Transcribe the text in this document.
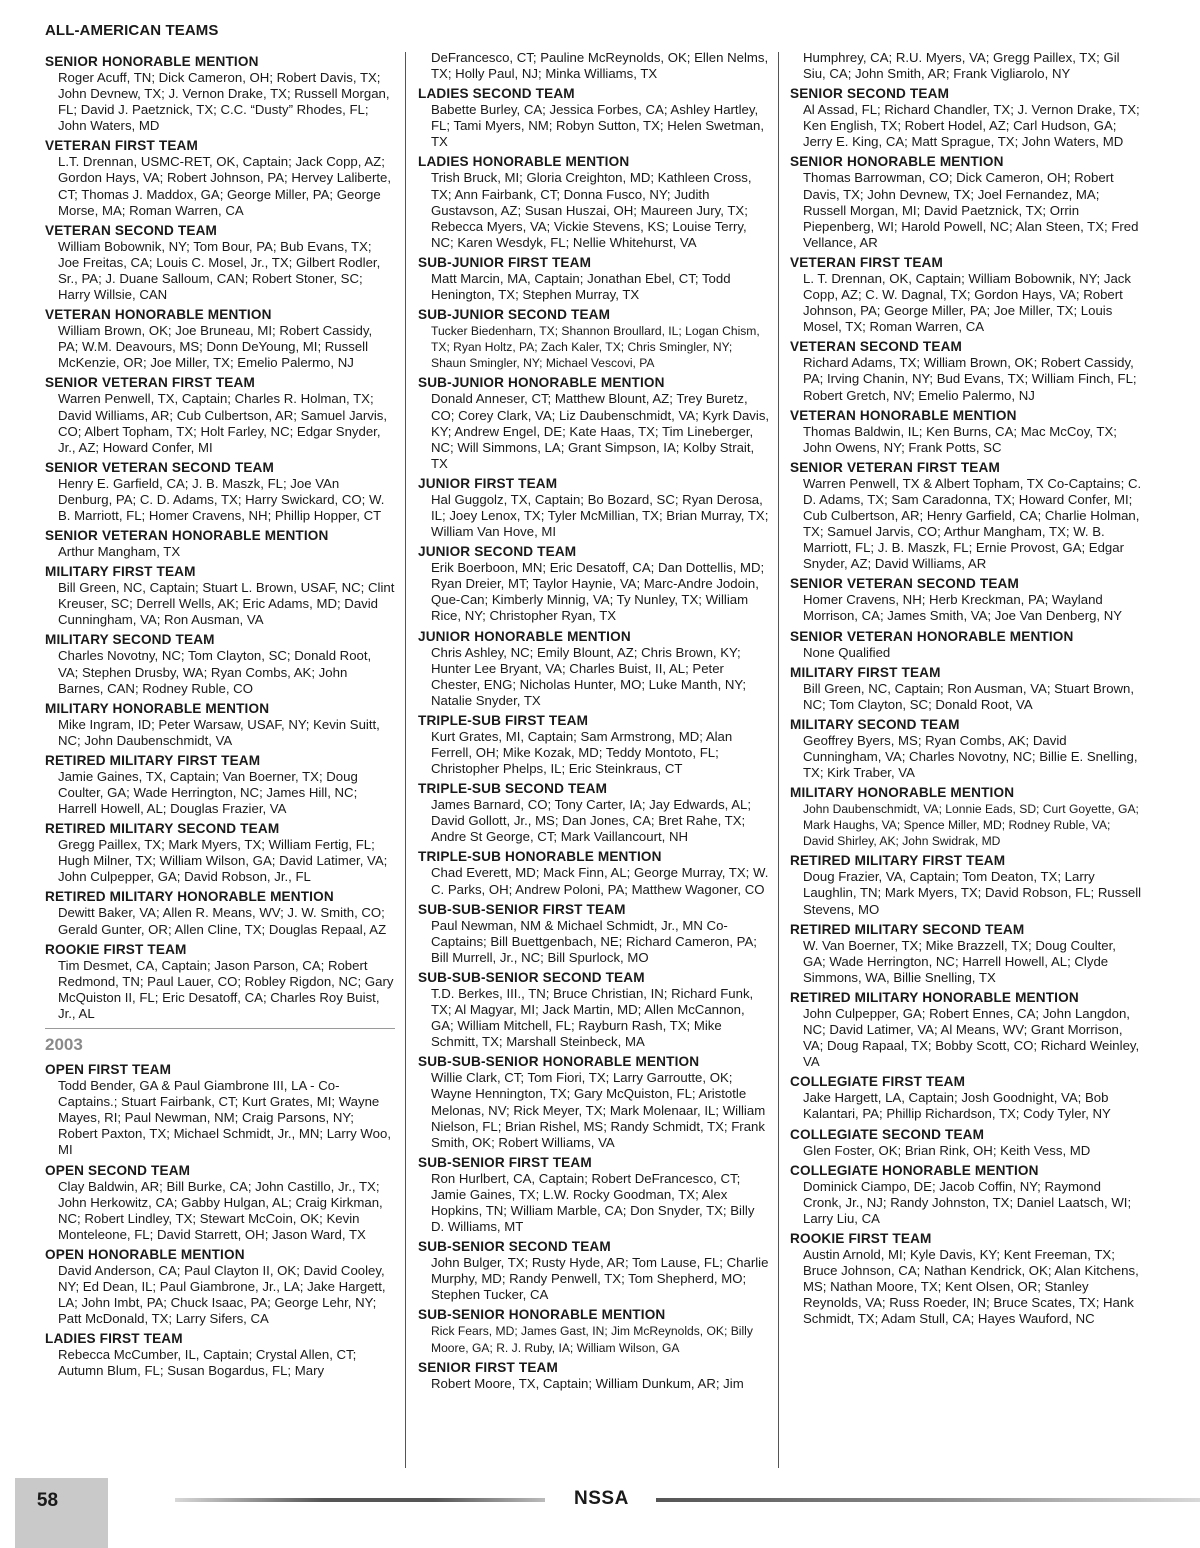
ALL-AMERICAN TEAMS
SENIOR HONORABLE MENTION
Roger Acuff, TN; Dick Cameron, OH; Robert Davis, TX; John Devnew, TX; J. Vernon Drake, TX; Russell Morgan, FL; David J. Paetznick, TX; C.C. “Dusty” Rhodes, FL; John Waters, MD
VETERAN FIRST TEAM
L.T. Drennan, USMC-RET, OK, Captain; Jack Copp, AZ; Gordon Hays, VA; Robert Johnson, PA; Hervey Laliberte, CT; Thomas J. Maddox, GA; George Miller, PA; George Morse, MA; Roman Warren, CA
VETERAN SECOND TEAM
William Bobownik, NY; Tom Bour, PA; Bub Evans, TX; Joe Freitas, CA; Louis C. Mosel, Jr., TX; Gilbert Rodler, Sr., PA; J. Duane Salloum, CAN; Robert Stoner, SC; Harry Willsie, CAN
VETERAN HONORABLE MENTION
William Brown, OK; Joe Bruneau, MI; Robert Cassidy, PA; W.M. Deavours, MS; Donn DeYoung, MI; Russell McKenzie, OR; Joe Miller, TX; Emelio Palermo, NJ
SENIOR VETERAN FIRST TEAM
Warren Penwell, TX, Captain; Charles R. Holman, TX; David Williams, AR; Cub Culbertson, AR; Samuel Jarvis, CO; Albert Topham, TX; Holt Farley, NC; Edgar Snyder, Jr., AZ; Howard Confer, MI
SENIOR VETERAN SECOND TEAM
Henry E. Garfield, CA; J. B. Maszk, FL; Joe VAn Denburg, PA; C. D. Adams, TX; Harry Swickard, CO; W. B. Marriott, FL; Homer Cravens, NH; Phillip Hopper, CT
SENIOR VETERAN HONORABLE MENTION
Arthur Mangham, TX
MILITARY FIRST TEAM
Bill Green, NC, Captain; Stuart L. Brown, USAF, NC; Clint Kreuser, SC; Derrell Wells, AK; Eric Adams, MD; David Cunningham, VA; Ron Ausman, VA
MILITARY SECOND TEAM
Charles Novotny, NC; Tom Clayton, SC; Donald Root, VA; Stephen Drusby, WA; Ryan Combs, AK; John Barnes, CAN; Rodney Ruble, CO
MILITARY HONORABLE MENTION
Mike Ingram, ID; Peter Warsaw, USAF, NY; Kevin Suitt, NC; John Daubenschmidt, VA
RETIRED MILITARY FIRST TEAM
Jamie Gaines, TX, Captain; Van Boerner, TX; Doug Coulter, GA; Wade Herrington, NC; James Hill, NC; Harrell Howell, AL; Douglas Frazier, VA
RETIRED MILITARY SECOND TEAM
Gregg Paillex, TX; Mark Myers, TX; William Fertig, FL; Hugh Milner, TX; William Wilson, GA; David Latimer, VA; John Culpepper, GA; David Robson, Jr., FL
RETIRED MILITARY HONORABLE MENTION
Dewitt Baker, VA; Allen R. Means, WV; J. W. Smith, CO; Gerald Gunter, OR; Allen Cline, TX; Douglas Repaal, AZ
ROOKIE FIRST TEAM
Tim Desmet, CA, Captain; Jason Parson, CA; Robert Redmond, TN; Paul Lauer, CO; Robley Rigdon, NC; Gary McQuiston II, FL; Eric Desatoff, CA; Charles Roy Buist, Jr., AL
2003
OPEN FIRST TEAM
Todd Bender, GA & Paul Giambrone III, LA - Co-Captains.; Stuart Fairbank, CT; Kurt Grates, MI; Wayne Mayes, RI; Paul Newman, NM; Craig Parsons, NY; Robert Paxton, TX; Michael Schmidt, Jr., MN; Larry Woo, MI
OPEN SECOND TEAM
Clay Baldwin, AR; Bill Burke, CA; John Castillo, Jr., TX; John Herkowitz, CA; Gabby Hulgan, AL; Craig Kirkman, NC; Robert Lindley, TX; Stewart McCoin, OK; Kevin Monteleone, FL; David Starrett, OH; Jason Ward, TX
OPEN HONORABLE MENTION
David Anderson, CA; Paul Clayton II, OK; David Cooley, NY; Ed Dean, IL; Paul Giambrone, Jr., LA; Jake Hargett, LA; John Imbt, PA; Chuck Isaac, PA; George Lehr, NY; Patt McDonald, TX; Larry Sifers, CA
LADIES FIRST TEAM
Rebecca McCumber, IL, Captain; Crystal Allen, CT; Autumn Blum, FL; Susan Bogardus, FL; Mary
DeFrancesco, CT; Pauline McReynolds, OK; Ellen Nelms, TX; Holly Paul, NJ; Minka Williams, TX
LADIES SECOND TEAM
Babette Burley, CA; Jessica Forbes, CA; Ashley Hartley, FL; Tami Myers, NM; Robyn Sutton, TX; Helen Swetman, TX
LADIES HONORABLE MENTION
Trish Bruck, MI; Gloria Creighton, MD; Kathleen Cross, TX; Ann Fairbank, CT; Donna Fusco, NY; Judith Gustavson, AZ; Susan Huszai, OH; Maureen Jury, TX; Rebecca Myers, VA; Vickie Stevens, KS; Louise Terry, NC; Karen Wesdyk, FL; Nellie Whitehurst, VA
SUB-JUNIOR FIRST TEAM
Matt Marcin, MA, Captain; Jonathan Ebel, CT; Todd Henington, TX; Stephen Murray, TX
SUB-JUNIOR SECOND TEAM
Tucker Biedenharn, TX; Shannon Broullard, IL; Logan Chism, TX; Ryan Holtz, PA; Zach Kaler, TX; Chris Smingler, NY; Shaun Smingler, NY; Michael Vescovi, PA
SUB-JUNIOR HONORABLE MENTION
Donald Anneser, CT; Matthew Blount, AZ; Trey Buretz, CO; Corey Clark, VA; Liz Daubenschmidt, VA; Kyrk Davis, KY; Andrew Engel, DE; Kate Haas, TX; Tim Lineberger, NC; Will Simmons, LA; Grant Simpson, IA; Kolby Strait, TX
JUNIOR FIRST TEAM
Hal Guggolz, TX, Captain; Bo Bozard, SC; Ryan Derosa, IL; Joey Lenox, TX; Tyler McMillian, TX; Brian Murray, TX; William Van Hove, MI
JUNIOR SECOND TEAM
Erik Boerboon, MN; Eric Desatoff, CA; Dan Dottellis, MD; Ryan Dreier, MT; Taylor Haynie, VA; Marc-Andre Jodoin, Que-Can; Kimberly Minnig, VA; Ty Nunley, TX; William Rice, NY; Christopher Ryan, TX
JUNIOR HONORABLE MENTION
Chris Ashley, NC; Emily Blount, AZ; Chris Brown, KY; Hunter Lee Bryant, VA; Charles Buist, II, AL; Peter Chester, ENG; Nicholas Hunter, MO; Luke Manth, NY; Natalie Snyder, TX
TRIPLE-SUB FIRST TEAM
Kurt Grates, MI, Captain; Sam Armstrong, MD; Alan Ferrell, OH; Mike Kozak, MD; Teddy Montoto, FL; Christopher Phelps, IL; Eric Steinkraus, CT
TRIPLE-SUB SECOND TEAM
James Barnard, CO; Tony Carter, IA; Jay Edwards, AL; David Gollott, Jr., MS; Dan Jones, CA; Bret Rahe, TX; Andre St George, CT; Mark Vaillancourt, NH
TRIPLE-SUB HONORABLE MENTION
Chad Everett, MD; Mack Finn, AL; George Murray, TX; W. C. Parks, OH; Andrew Poloni, PA; Matthew Wagoner, CO
SUB-SUB-SENIOR FIRST TEAM
Paul Newman, NM & Michael Schmidt, Jr., MN Co-Captains; Bill Buettgenbach, NE; Richard Cameron, PA; Bill Murrell, Jr., NC; Bill Spurlock, MO
SUB-SUB-SENIOR SECOND TEAM
T.D. Berkes, III., TN; Bruce Christian, IN; Richard Funk, TX; Al Magyar, MI; Jack Martin, MD; Allen McCannon, GA; William Mitchell, FL; Rayburn Rash, TX; Mike Schmitt, TX; Marshall Steinbeck, MA
SUB-SUB-SENIOR HONORABLE MENTION
Willie Clark, CT; Tom Fiori, TX; Larry Garroutte, OK; Wayne Hennington, TX; Gary McQuiston, FL; Aristotle Melonas, NV; Rick Meyer, TX; Mark Molenaar, IL; William Nielson, FL; Brian Rishel, MS; Randy Schmidt, TX; Frank Smith, OK; Robert Williams, VA
SUB-SENIOR FIRST TEAM
Ron Hurlbert, CA, Captain; Robert DeFrancesco, CT; Jamie Gaines, TX; L.W. Rocky Goodman, TX; Alex Hopkins, TN; William Marble, CA; Don Snyder, TX; Billy D. Williams, MT
SUB-SENIOR SECOND TEAM
John Bulger, TX; Rusty Hyde, AR; Tom Lause, FL; Charlie Murphy, MD; Randy Penwell, TX; Tom Shepherd, MO; Stephen Tucker, CA
SUB-SENIOR HONORABLE MENTION
Rick Fears, MD; James Gast, IN; Jim McReynolds, OK; Billy Moore, GA; R. J. Ruby, IA; William Wilson, GA
SENIOR FIRST TEAM
Robert Moore, TX, Captain; William Dunkum, AR; Jim
Humphrey, CA; R.U. Myers, VA; Gregg Paillex, TX; Gil Siu, CA; John Smith, AR; Frank Vigliarolo, NY
SENIOR SECOND TEAM
Al Assad, FL; Richard Chandler, TX; J. Vernon Drake, TX; Ken English, TX; Robert Hodel, AZ; Carl Hudson, GA; Jerry E. King, CA; Matt Sprague, TX; John Waters, MD
SENIOR HONORABLE MENTION
Thomas Barrowman, CO; Dick Cameron, OH; Robert Davis, TX; John Devnew, TX; Joel Fernandez, MA; Russell Morgan, MI; David Paetznick, TX; Orrin Piepenberg, WI; Harold Powell, NC; Alan Steen, TX; Fred Vellance, AR
VETERAN FIRST TEAM
L. T. Drennan, OK, Captain; William Bobownik, NY; Jack Copp, AZ; C. W. Dagnal, TX; Gordon Hays, VA; Robert Johnson, PA; George Miller, PA; Joe Miller, TX; Louis Mosel, TX; Roman Warren, CA
VETERAN SECOND TEAM
Richard Adams, TX; William Brown, OK; Robert Cassidy, PA; Irving Chanin, NY; Bud Evans, TX; William Finch, FL; Robert Gretch, NV; Emelio Palermo, NJ
VETERAN HONORABLE MENTION
Thomas Baldwin, IL; Ken Burns, CA; Mac McCoy, TX; John Owens, NY; Frank Potts, SC
SENIOR VETERAN FIRST TEAM
Warren Penwell, TX & Albert Topham, TX Co-Captains; C. D. Adams, TX; Sam Caradonna, TX; Howard Confer, MI; Cub Culbertson, AR; Henry Garfield, CA; Charlie Holman, TX; Samuel Jarvis, CO; Arthur Mangham, TX; W. B. Marriott, FL; J. B. Maszk, FL; Ernie Provost, GA; Edgar Snyder, AZ; David Williams, AR
SENIOR VETERAN SECOND TEAM
Homer Cravens, NH; Herb Kreckman, PA; Wayland Morrison, CA; James Smith, VA; Joe Van Denberg, NY
SENIOR VETERAN HONORABLE MENTION
None Qualified
MILITARY FIRST TEAM
Bill Green, NC, Captain; Ron Ausman, VA; Stuart Brown, NC; Tom Clayton, SC; Donald Root, VA
MILITARY SECOND TEAM
Geoffrey Byers, MS; Ryan Combs, AK; David Cunningham, VA; Charles Novotny, NC; Billie E. Snelling, TX; Kirk Traber, VA
MILITARY HONORABLE MENTION
John Daubenschmidt, VA; Lonnie Eads, SD; Curt Goyette, GA; Mark Haughs, VA; Spence Miller, MD; Rodney Ruble, VA; David Shirley, AK; John Swidrak, MD
RETIRED MILITARY FIRST TEAM
Doug Frazier, VA, Captain; Tom Deaton, TX; Larry Laughlin, TN; Mark Myers, TX; David Robson, FL; Russell Stevens, MO
RETIRED MILITARY SECOND TEAM
W. Van Boerner, TX; Mike Brazzell, TX; Doug Coulter, GA; Wade Herrington, NC; Harrell Howell, AL; Clyde Simmons, WA, Billie Snelling, TX
RETIRED MILITARY HONORABLE MENTION
John Culpepper, GA; Robert Ennes, CA; John Langdon, NC; David Latimer, VA; Al Means, WV; Grant Morrison, VA; Doug Rapaal, TX; Bobby Scott, CO; Richard Weinley, VA
COLLEGIATE FIRST TEAM
Jake Hargett, LA, Captain; Josh Goodnight, VA; Bob Kalantari, PA; Phillip Richardson, TX; Cody Tyler, NY
COLLEGIATE SECOND TEAM
Glen Foster, OK; Brian Rink, OH; Keith Vess, MD
COLLEGIATE HONORABLE MENTION
Dominick Ciampo, DE; Jacob Coffin, NY; Raymond Cronk, Jr., NJ; Randy Johnston, TX; Daniel Laatsch, WI; Larry Liu, CA
ROOKIE FIRST TEAM
Austin Arnold, MI; Kyle Davis, KY; Kent Freeman, TX; Bruce Johnson, CA; Nathan Kendrick, OK; Alan Kitchens, MS; Nathan Moore, TX; Kent Olsen, OR; Stanley Reynolds, VA; Russ Roeder, IN; Bruce Scates, TX; Hank Schmidt, TX; Adam Stull, CA; Hayes Wauford, NC
58	NSSA
